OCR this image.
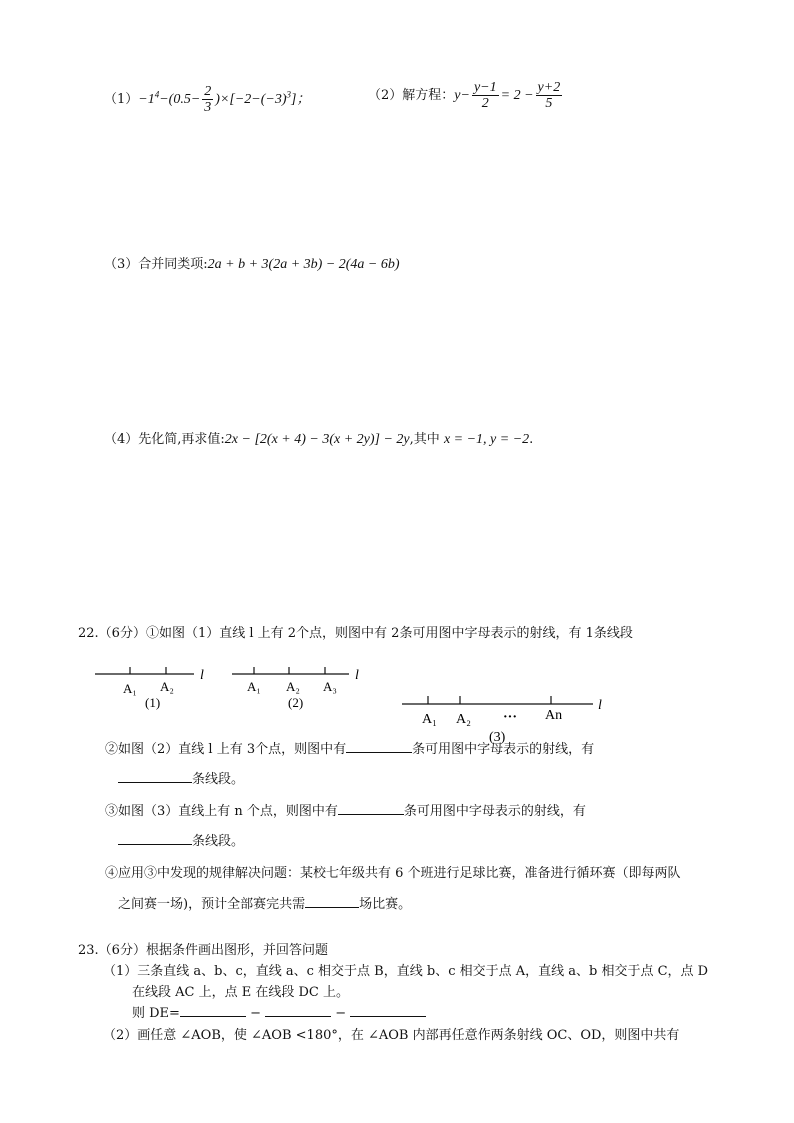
$(1)-1^4-(0.5- \frac{2}{3} )\times[-2-(-3)^3]$；	（2）解方程：$y- \frac{y-1}{2} = 2 - \frac{y+2}{5}$
（3）合并同类项:2a + b + 3(2a + 3b) − 2(4a − 6b)
（4）先化简,再求值:2x − [2(x + 4) − 3(x + 2y)] − 2y,其中 x = −1, y = −2.
22.（6分）①如图（1）直线 l 上有 2个点，则图中有 2条可用图中字母表示的射线，有 1条线段
l
A₁ A₂
(1)
l
A₁ A₂ A₃
(2)	l
A₁ A₂ ··· An
(3)
②如图（2）直线 l 上有 3个点，则图中有	条可用图中字母表示的射线，有
条线段。
③如图（3）直线上有 n 个点，则图中有	条可用图中字母表示的射线，有
条线段。
④应用③中发现的规律解决问题：某校七年级共有 6 个班进行足球比赛，准备进行循环赛（即每两队
之间赛一场)，预计全部赛完共需	场比赛。
23.（6分）根据条件画出图形，并回答问题
（1）三条直线 a、b、c，直线 a、c 相交于点 B，直线 b、c 相交于点 A，直线 a、b 相交于点 C，点 D
在线段 AC 上，点 E 在线段 DC 上。
则 DE=	−	−
（2）画任意 ∠AOB，使 ∠AOB <180°，在 ∠AOB 内部再任意作两条射线 OC、OD，则图中共有
